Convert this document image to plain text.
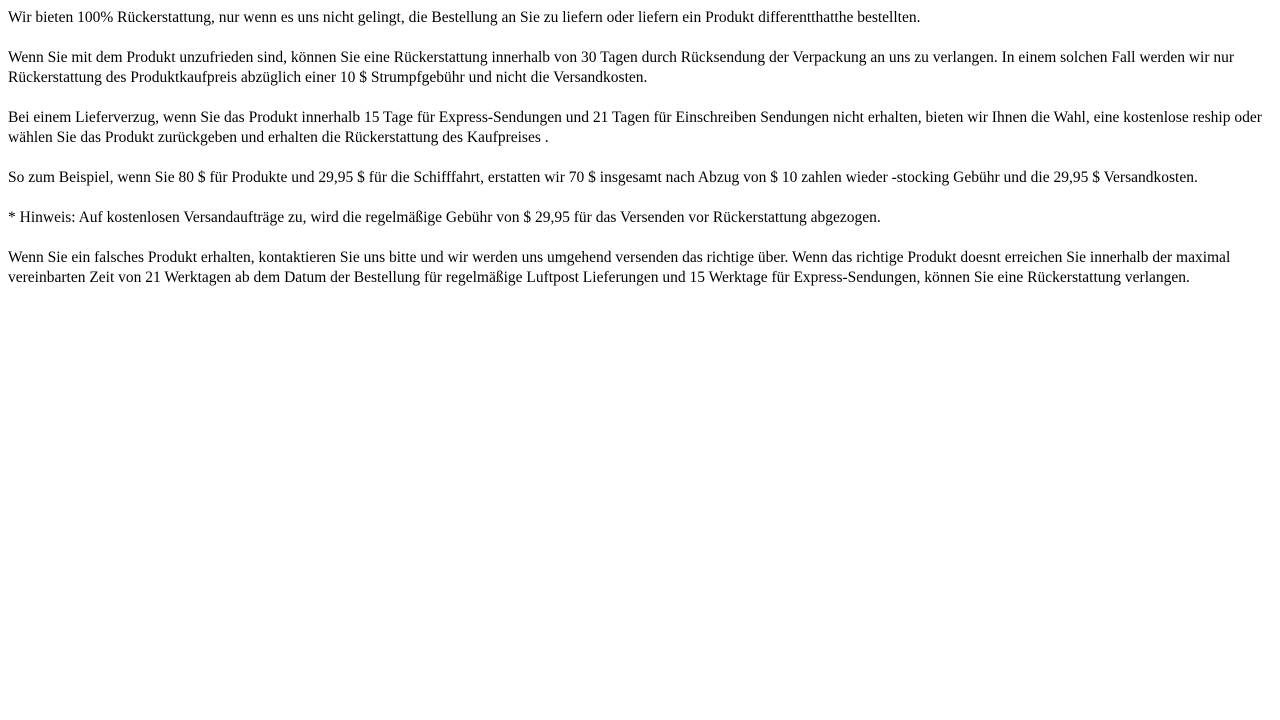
Wir bieten 100% Rückerstattung, nur wenn es uns nicht gelingt, die Bestellung an Sie zu liefern oder liefern ein Produkt differentthatthe bestellten.

Wenn Sie mit dem Produkt unzufrieden sind, können Sie eine Rückerstattung innerhalb von 30 Tagen durch Rücksendung der Verpackung an uns zu verlangen. In einem solchen Fall werden wir nur Rückerstattung des Produktkaufpreis abzüglich einer 10 $ Strumpfgebühr und nicht die Versandkosten.

Bei einem Lieferverzug, wenn Sie das Produkt innerhalb 15 Tage für Express-Sendungen und 21 Tagen für Einschreiben Sendungen nicht erhalten, bieten wir Ihnen die Wahl, eine kostenlose reship oder wählen Sie das Produkt zurückgeben und erhalten die Rückerstattung des Kaufpreises .

So zum Beispiel, wenn Sie 80 $ für Produkte und 29,95 $ für die Schifffahrt, erstatten wir 70 $ insgesamt nach Abzug von $ 10 zahlen wieder -stocking Gebühr und die 29,95 $ Versandkosten.

* Hinweis: Auf kostenlosen Versandaufträge zu, wird die regelmäßige Gebühr von $ 29,95 für das Versenden vor Rückerstattung abgezogen.

Wenn Sie ein falsches Produkt erhalten, kontaktieren Sie uns bitte und wir werden uns umgehend versenden das richtige über. Wenn das richtige Produkt doesnt erreichen Sie innerhalb der maximal vereinbarten Zeit von 21 Werktagen ab dem Datum der Bestellung für regelmäßige Luftpost Lieferungen und 15 Werktage für Express-Sendungen, können Sie eine Rückerstattung verlangen.
